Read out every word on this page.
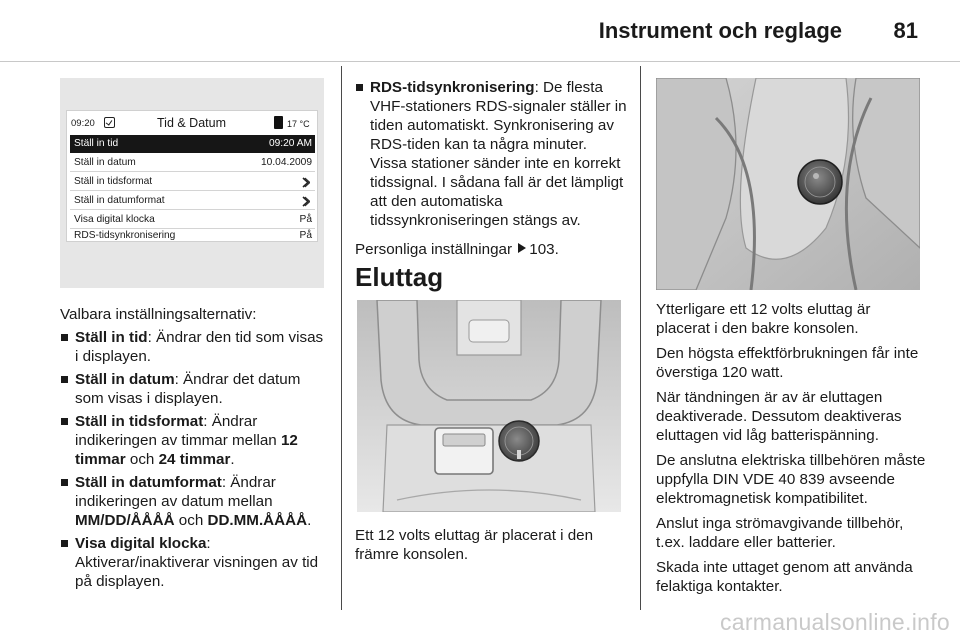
Instrument och reglage 81
09:20	Tid & Datum	17 °C
Ställ in tid	09:20 AM
Ställ in datum	10.04.2009
Ställ in tidsformat
Ställ in datumformat
Visa digital klocka	På
RDS-tidsynkronisering	På

Valbara inställningsalternativ:

Ställ in tid: Ändrar den tid som visas i displayen.
Ställ in datum: Ändrar det datum som visas i displayen.
Ställ in tidsformat: Ändrar indikeringen av timmar mellan 12 timmar och 24 timmar.
Ställ in datumformat: Ändrar indikeringen av datum mellan MM/DD/ÅÅÅÅ och DD.MM.ÅÅÅÅ.
Visa digital klocka: Aktiverar/inaktiverar visningen av tid på displayen.
RDS-tidsynkronisering: De flesta VHF-stationers RDS-signaler ställer in tiden automatiskt. Synkronisering av RDS-tiden kan ta några minuter. Vissa stationer sänder inte en korrekt tidssignal. I sådana fall är det lämpligt att den automatiska tidssynkroniseringen stängs av.

Personliga inställningar 103.

Eluttag

Ett 12 volts eluttag är placerat i den främre konsolen.

Ytterligare ett 12 volts eluttag är placerat i den bakre konsolen.

Den högsta effektförbrukningen får inte överstiga 120 watt.

När tändningen är av är eluttagen deaktiverade. Dessutom deaktiveras eluttagen vid låg batterispänning.

De anslutna elektriska tillbehören måste uppfylla DIN VDE 40 839 avseende elektromagnetisk kompatibilitet.

Anslut inga strömavgivande tillbehör, t.ex. laddare eller batterier.

Skada inte uttaget genom att använda felaktiga kontakter.

carmanualsonline.info
